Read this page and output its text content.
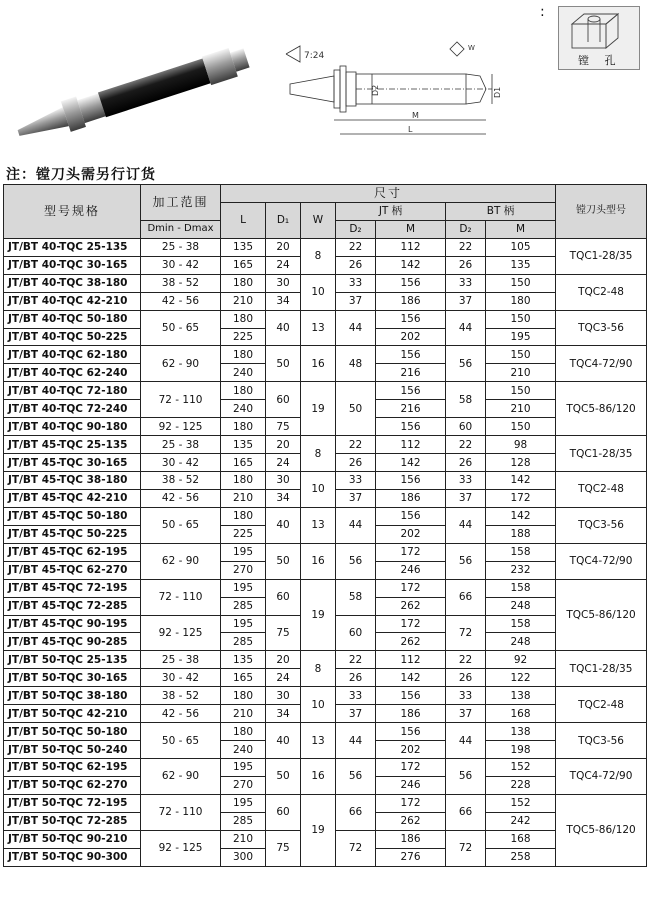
7:24
D2	D1
M
L
W
:
镗 孔
注：镗刀头需另行订货
型号规格	加工范围	尺寸							镗刀头型号
		L	D₁	W	JT 柄		BT 柄		
	Dmin - Dmax				D₂	M	D₂	M	
JT/BT 40-TQC 25-135	25 - 38	135	20	8	22	112	22	105	TQC1-28/35
JT/BT 40-TQC 30-165	30 - 42	165	24		26	142	26	135	
JT/BT 40-TQC 38-180	38 - 52	180	30	10	33	156	33	150	TQC2-48
JT/BT 40-TQC 42-210	42 - 56	210	34		37	186	37	180	
JT/BT 40-TQC 50-180	50 - 65	180	40	13	44	156	44	150	TQC3-56
JT/BT 40-TQC 50-225		225				202		195	
JT/BT 40-TQC 62-180	62 - 90	180	50	16	48	156	56	150	TQC4-72/90
JT/BT 40-TQC 62-240		240				216		210	
JT/BT 40-TQC 72-180	72 - 110	180	60	19	50	156	58	150	TQC5-86/120
JT/BT 40-TQC 72-240		240				216		210	
JT/BT 40-TQC 90-180	92 - 125	180	75			156	60	150	
JT/BT 45-TQC 25-135	25 - 38	135	20	8	22	112	22	98	TQC1-28/35
JT/BT 45-TQC 30-165	30 - 42	165	24		26	142	26	128	
JT/BT 45-TQC 38-180	38 - 52	180	30	10	33	156	33	142	TQC2-48
JT/BT 45-TQC 42-210	42 - 56	210	34		37	186	37	172	
JT/BT 45-TQC 50-180	50 - 65	180	40	13	44	156	44	142	TQC3-56
JT/BT 45-TQC 50-225		225				202		188	
JT/BT 45-TQC 62-195	62 - 90	195	50	16	56	172	56	158	TQC4-72/90
JT/BT 45-TQC 62-270		270				246		232	
JT/BT 45-TQC 72-195	72 - 110	195	60	19	58	172	66	158	TQC5-86/120
JT/BT 45-TQC 72-285		285				262		248	
JT/BT 45-TQC 90-195	92 - 125	195	75		60	172	72	158	
JT/BT 45-TQC 90-285		285				262		248	
JT/BT 50-TQC 25-135	25 - 38	135	20	8	22	112	22	92	TQC1-28/35
JT/BT 50-TQC 30-165	30 - 42	165	24		26	142	26	122	
JT/BT 50-TQC 38-180	38 - 52	180	30	10	33	156	33	138	TQC2-48
JT/BT 50-TQC 42-210	42 - 56	210	34		37	186	37	168	
JT/BT 50-TQC 50-180	50 - 65	180	40	13	44	156	44	138	TQC3-56
JT/BT 50-TQC 50-240		240				202		198	
JT/BT 50-TQC 62-195	62 - 90	195	50	16	56	172	56	152	TQC4-72/90
JT/BT 50-TQC 62-270		270				246		228	
JT/BT 50-TQC 72-195	72 - 110	195	60	19	66	172	66	152	TQC5-86/120
JT/BT 50-TQC 72-285		285				262		242	
JT/BT 50-TQC 90-210	92 - 125	210	75		72	186	72	168	
JT/BT 50-TQC 90-300		300				276		258	
